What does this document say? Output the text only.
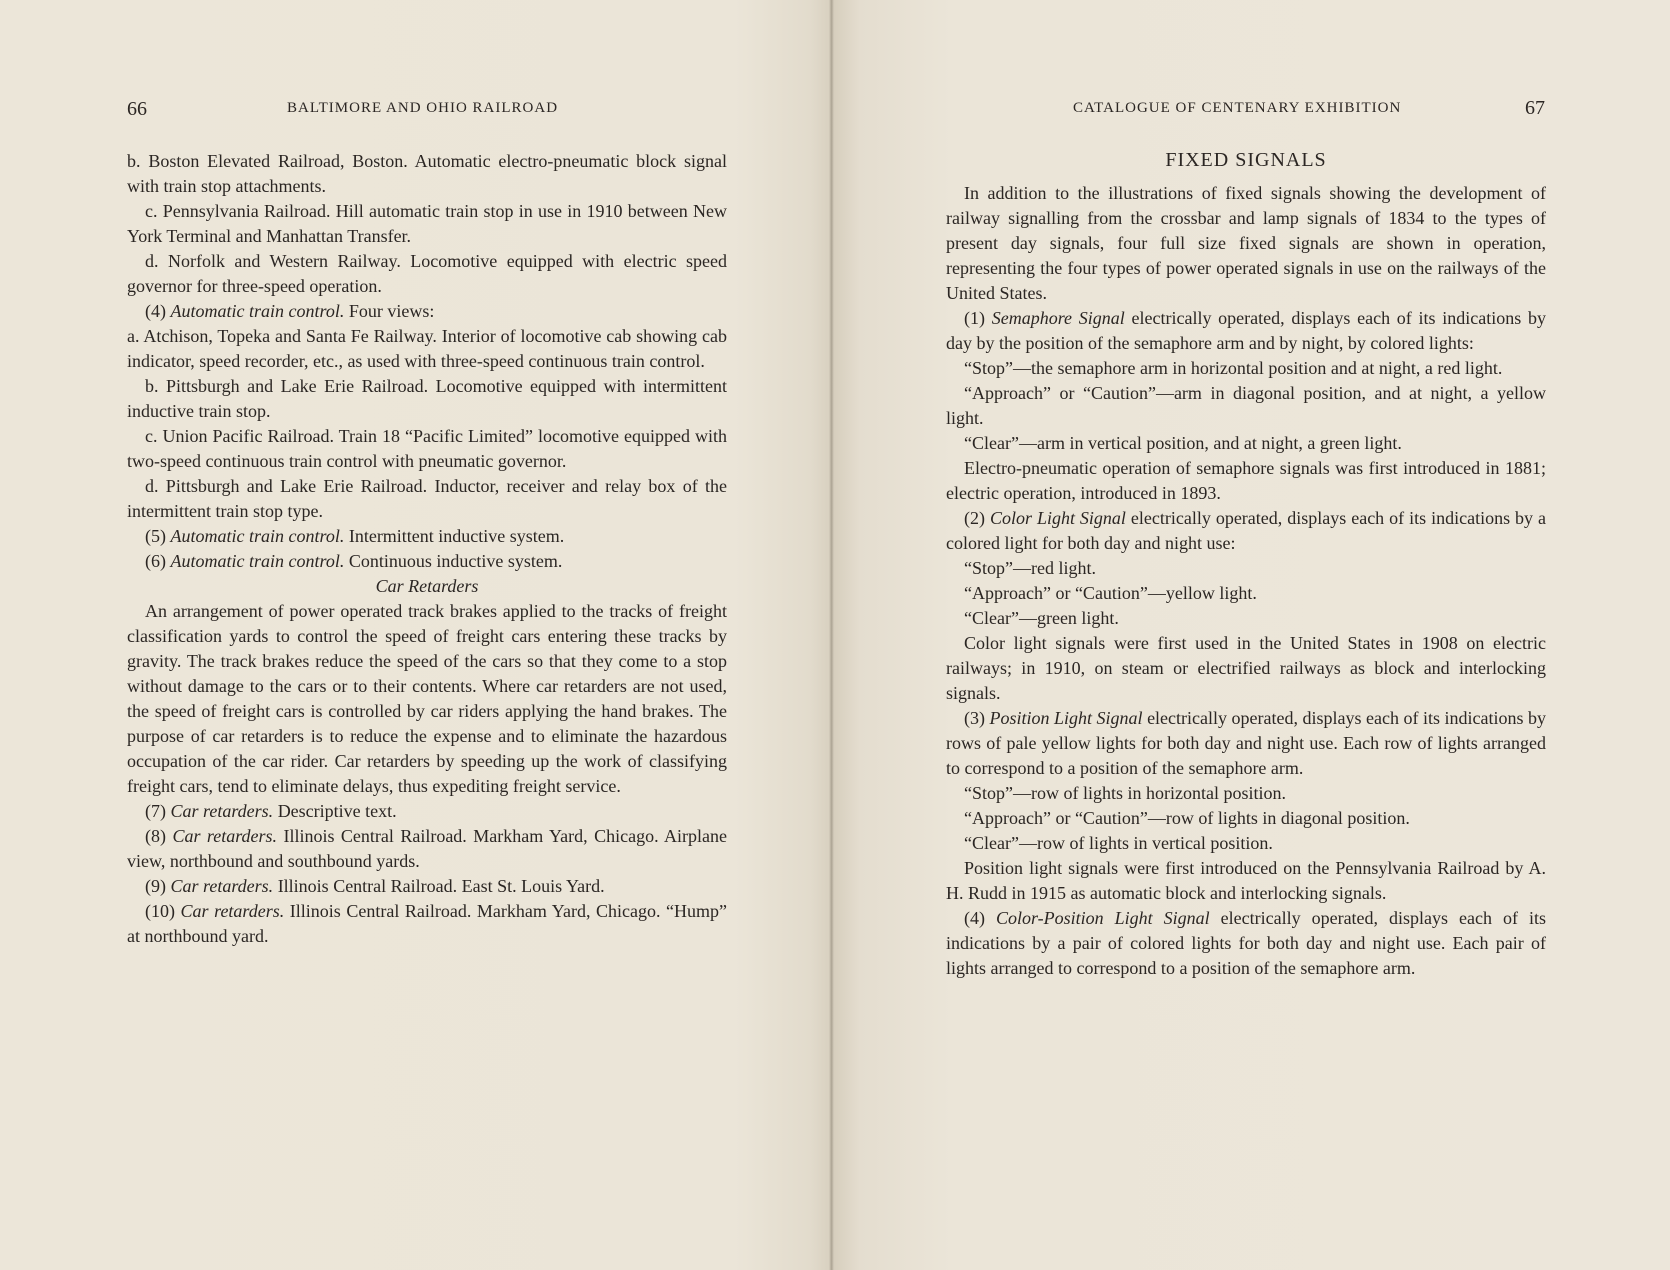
66	BALTIMORE AND OHIO RAILROAD

b. Boston Elevated Railroad, Boston. Automatic electro-pneumatic block signal with train stop attachments.

c. Pennsylvania Railroad. Hill automatic train stop in use in 1910 between New York Terminal and Manhattan Transfer.

d. Norfolk and Western Railway. Locomotive equipped with electric speed governor for three-speed operation.

(4) Automatic train control. Four views:

a. Atchison, Topeka and Santa Fe Railway. Interior of locomotive cab showing cab indicator, speed recorder, etc., as used with three-speed continuous train control.

b. Pittsburgh and Lake Erie Railroad. Locomotive equipped with intermittent inductive train stop.

c. Union Pacific Railroad. Train 18 “Pacific Limited” locomotive equipped with two-speed continuous train control with pneumatic governor.

d. Pittsburgh and Lake Erie Railroad. Inductor, receiver and relay box of the intermittent train stop type.

(5) Automatic train control. Intermittent inductive system.

(6) Automatic train control. Continuous inductive system.

Car Retarders

An arrangement of power operated track brakes applied to the tracks of freight classification yards to control the speed of freight cars entering these tracks by gravity. The track brakes reduce the speed of the cars so that they come to a stop without damage to the cars or to their contents. Where car retarders are not used, the speed of freight cars is controlled by car riders applying the hand brakes. The purpose of car retarders is to reduce the expense and to eliminate the hazardous occupation of the car rider. Car retarders by speeding up the work of classifying freight cars, tend to eliminate delays, thus expediting freight service.

(7) Car retarders. Descriptive text.

(8) Car retarders. Illinois Central Railroad. Markham Yard, Chicago. Airplane view, northbound and southbound yards.

(9) Car retarders. Illinois Central Railroad. East St. Louis Yard.

(10) Car retarders. Illinois Central Railroad. Markham Yard, Chicago. “Hump” at northbound yard.

CATALOGUE OF CENTENARY EXHIBITION	67
FIXED SIGNALS

In addition to the illustrations of fixed signals showing the development of railway signalling from the crossbar and lamp signals of 1834 to the types of present day signals, four full size fixed signals are shown in operation, representing the four types of power operated signals in use on the railways of the United States.

(1) Semaphore Signal electrically operated, displays each of its indications by day by the position of the semaphore arm and by night, by colored lights:

“Stop”—the semaphore arm in horizontal position and at night, a red light.

“Approach” or “Caution”—arm in diagonal position, and at night, a yellow light.

“Clear”—arm in vertical position, and at night, a green light.

Electro-pneumatic operation of semaphore signals was first introduced in 1881; electric operation, introduced in 1893.

(2) Color Light Signal electrically operated, displays each of its indications by a colored light for both day and night use:

“Stop”—red light.

“Approach” or “Caution”—yellow light.

“Clear”—green light.

Color light signals were first used in the United States in 1908 on electric railways; in 1910, on steam or electrified railways as block and interlocking signals.

(3) Position Light Signal electrically operated, displays each of its indications by rows of pale yellow lights for both day and night use. Each row of lights arranged to correspond to a position of the semaphore arm.

“Stop”—row of lights in horizontal position.

“Approach” or “Caution”—row of lights in diagonal position.

“Clear”—row of lights in vertical position.

Position light signals were first introduced on the Pennsylvania Railroad by A. H. Rudd in 1915 as automatic block and interlocking signals.

(4) Color-Position Light Signal electrically operated, displays each of its indications by a pair of colored lights for both day and night use. Each pair of lights arranged to correspond to a position of the semaphore arm.
